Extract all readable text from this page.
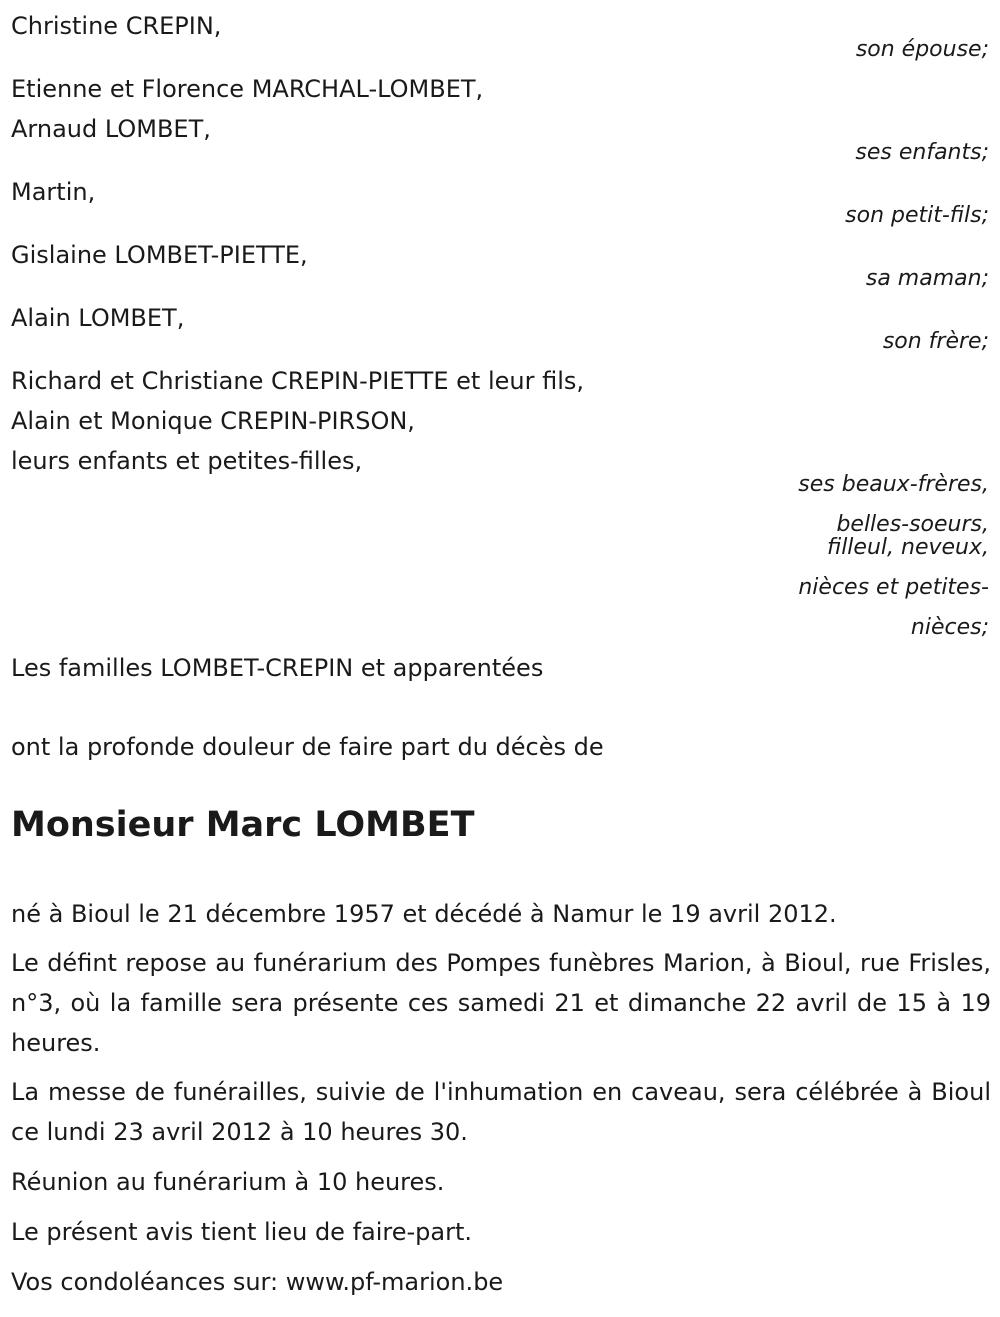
Christine CREPIN,
son épouse;
Etienne et Florence MARCHAL-LOMBET,
Arnaud LOMBET,
ses enfants;
Martin,
son petit-fils;
Gislaine LOMBET-PIETTE,
sa maman;
Alain LOMBET,
son frère;
Richard et Christiane CREPIN-PIETTE et leur fils,
Alain et Monique CREPIN-PIRSON,
leurs enfants et petites-filles,
ses beaux-frères,
belles-soeurs,
filleul, neveux,
nièces et petites-
nièces;
Les familles LOMBET-CREPIN et apparentées
ont la profonde douleur de faire part du décès de
Monsieur Marc LOMBET
né à Bioul le 21 décembre 1957 et décédé à Namur le 19 avril 2012.
Le défint repose au funérarium des Pompes funèbres Marion, à Bioul, rue Frisles, n°3, où la famille sera présente ces samedi 21 et dimanche 22 avril de 15 à 19 heures.
La messe de funérailles, suivie de l'inhumation en caveau, sera célébrée à Bioul ce lundi 23 avril 2012 à 10 heures 30.
Réunion au funérarium à 10 heures.
Le présent avis tient lieu de faire-part.
Vos condoléances sur: www.pf-marion.be
